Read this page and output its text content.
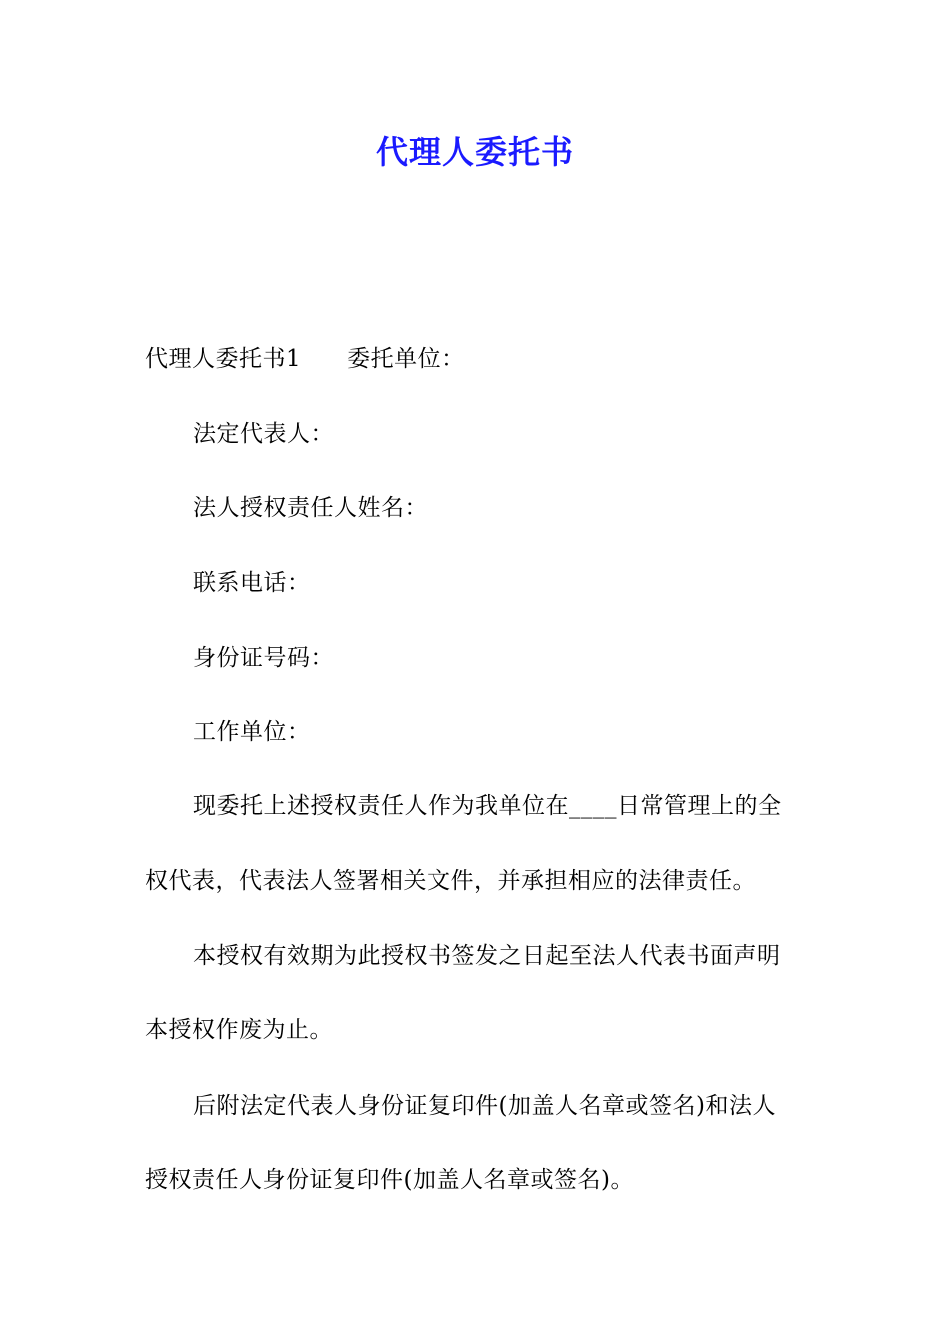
代理人委托书
代理人委托书1 委托单位：
法定代表人：
法人授权责任人姓名：
联系电话：
身份证号码：
工作单位：
现委托上述授权责任人作为我单位在____日常管理上的全
权代表，代表法人签署相关文件，并承担相应的法律责任。
本授权有效期为此授权书签发之日起至法人代表书面声明
本授权作废为止。
后附法定代表人身份证复印件(加盖人名章或签名)和法人
授权责任人身份证复印件(加盖人名章或签名)。
